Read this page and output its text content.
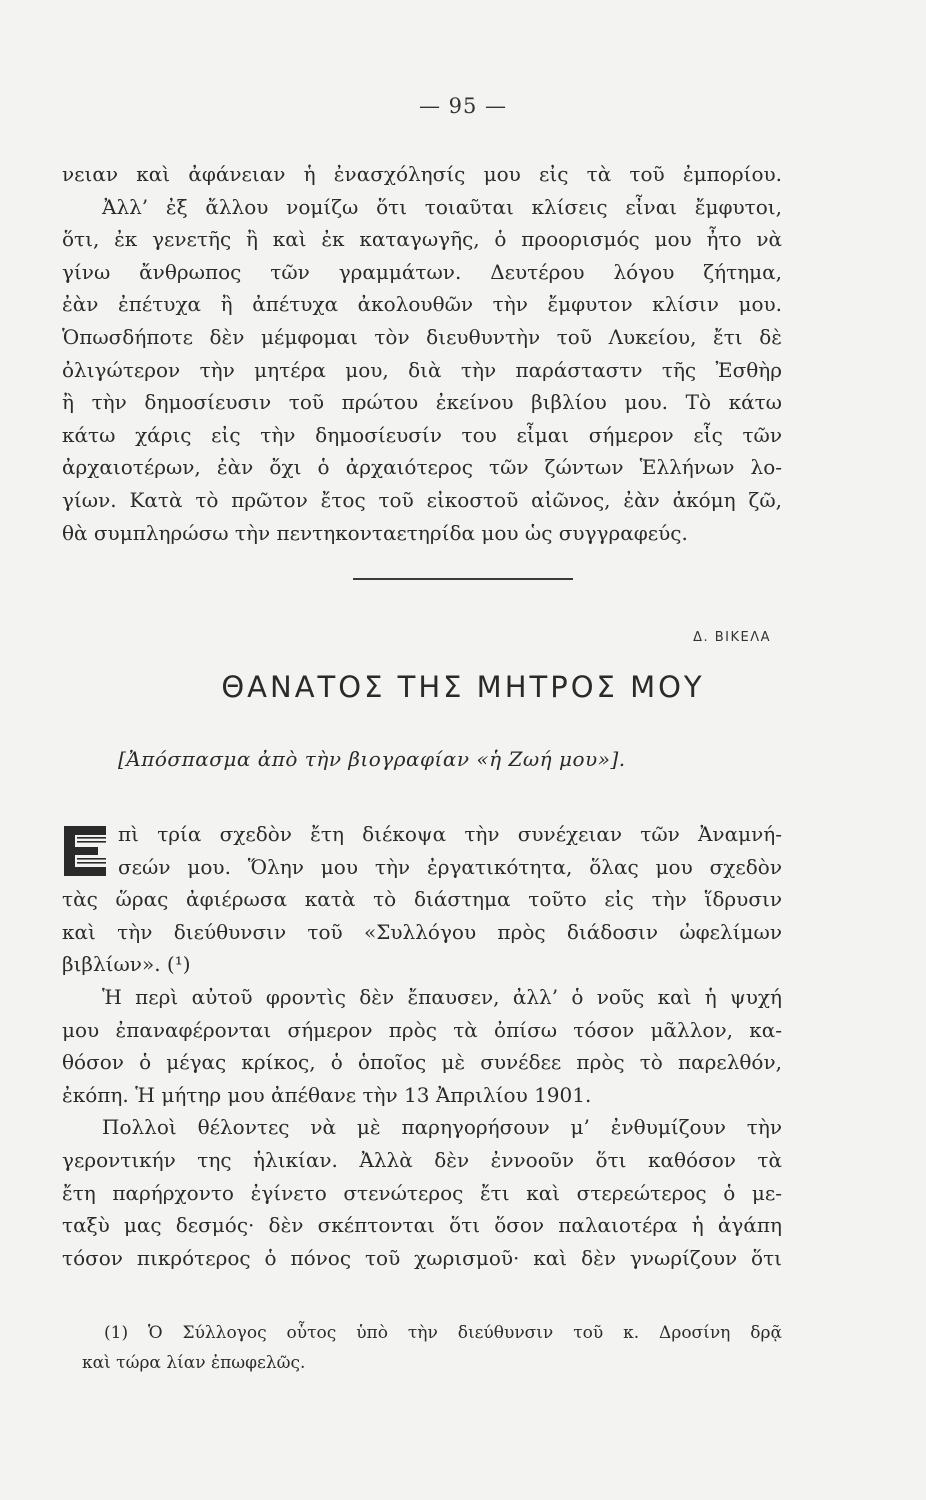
— 95 —
νειαν καὶ ἀφάνειαν ἡ ἐνασχόλησίς μου εἰς τὰ τοῦ ἐμπορίου.
Ἀλλ’ ἐξ ἄλλου νομίζω ὅτι τοιαῦται κλίσεις εἶναι ἔμφυτοι,
ὅτι, ἐκ γενετῆς ἢ καὶ ἐκ καταγωγῆς, ὁ προορισμός μου ἦτο νὰ
γίνω ἄνθρωπος τῶν γραμμάτων. Δευτέρου λόγου ζήτημα,
ἐὰν ἐπέτυχα ἢ ἀπέτυχα ἀκολουθῶν τὴν ἔμφυτον κλίσιν μου.
Ὁπωσδήποτε δὲν μέμφομαι τὸν διευθυντὴν τοῦ Λυκείου, ἔτι δὲ
ὀλιγώτερον τὴν μητέρα μου, διὰ τὴν παράσταστν τῆς Ἐσθὴρ
ἢ τὴν δημοσίευσιν τοῦ πρώτου ἐκείνου βιβλίου μου. Τὸ κάτω
κάτω χάρις εἰς τὴν δημοσίευσίν του εἶμαι σήμερον εἷς τῶν
ἀρχαιοτέρων, ἐὰν ὄχι ὁ ἀρχαιότερος τῶν ζώντων Ἑλλήνων λο-
γίων. Κατὰ τὸ πρῶτον ἔτος τοῦ εἰκοστοῦ αἰῶνος, ἐὰν ἀκόμη ζῶ,
θὰ συμπληρώσω τὴν πεντηκονταετηρίδα μου ὡς συγγραφεύς.
Δ. ΒΙΚΕΛΑ
ΘΑΝΑΤΟΣ ΤΗΣ ΜΗΤΡΟΣ ΜΟΥ
[Ἀπόσπασμα ἀπὸ τὴν βιογραφίαν «ἡ Ζωή μου»].
πὶ τρία σχεδὸν ἔτη διέκοψα τὴν συνέχειαν τῶν Ἀναμνή-
σεών μου. Ὅλην μου τὴν ἐργατικότητα, ὅλας μου σχεδὸν
τὰς ὥρας ἀφιέρωσα κατὰ τὸ διάστημα τοῦτο εἰς τὴν ἵδρυσιν
καὶ τὴν διεύθυνσιν τοῦ «Συλλόγου πρὸς διάδοσιν ὠφελίμων
βιβλίων». (¹)
Ἡ περὶ αὐτοῦ φροντὶς δὲν ἔπαυσεν, ἀλλ’ ὁ νοῦς καὶ ἡ ψυχή
μου ἐπαναφέρονται σήμερον πρὸς τὰ ὀπίσω τόσον μᾶλλον, κα-
θόσον ὁ μέγας κρίκος, ὁ ὁποῖος μὲ συνέδεε πρὸς τὸ παρελθόν,
ἐκόπη. Ἡ μήτηρ μου ἀπέθανε τὴν 13 Ἀπριλίου 1901.
Πολλοὶ θέλοντες νὰ μὲ παρηγορήσουν μ’ ἐνθυμίζουν τὴν
γεροντικήν της ἡλικίαν. Ἀλλὰ δὲν ἐννοοῦν ὅτι καθόσον τὰ
ἔτη παρήρχοντο ἐγίνετο στενώτερος ἔτι καὶ στερεώτερος ὁ με-
ταξὺ μας δεσμός· δὲν σκέπτονται ὅτι ὅσον παλαιοτέρα ἡ ἀγάπη
τόσον πικρότερος ὁ πόνος τοῦ χωρισμοῦ· καὶ δὲν γνωρίζουν ὅτι
(1) Ὁ Σύλλογος οὗτος ὑπὸ τὴν διεύθυνσιν τοῦ κ. Δροσίνη δρᾷ
καὶ τώρα λίαν ἐπωφελῶς.
